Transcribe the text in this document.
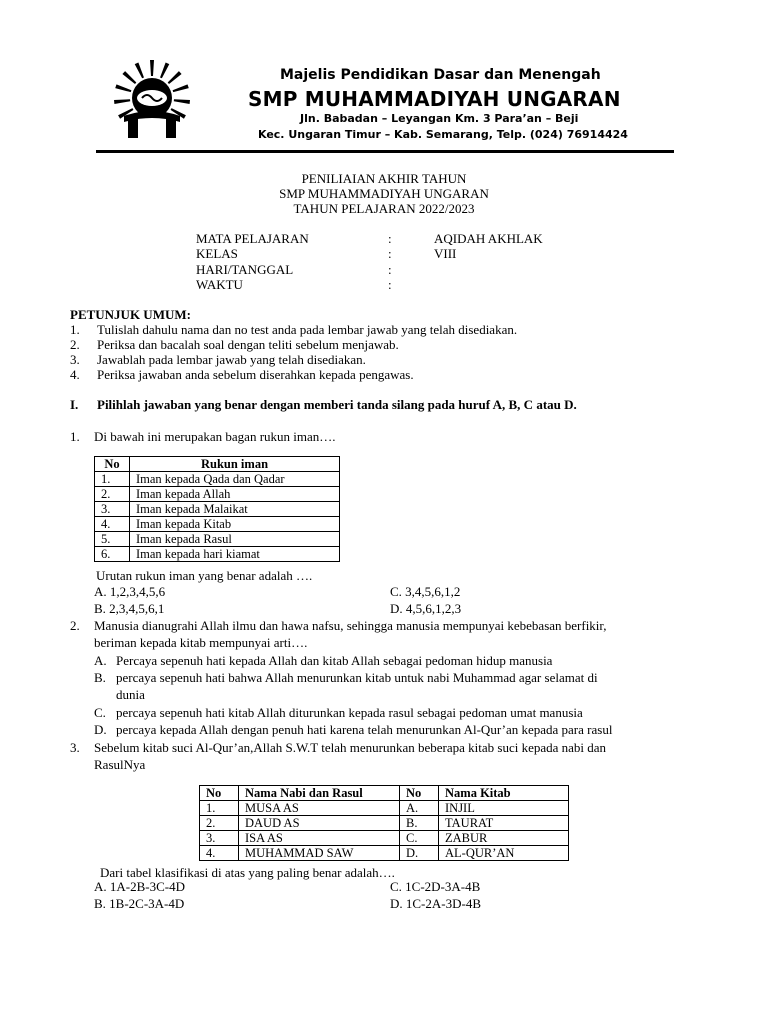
Majelis Pendidikan Dasar dan Menengah
SMP MUHAMMADIYAH UNGARAN
Jln. Babadan – Leyangan Km. 3 Para’an – Beji
Kec. Ungaran Timur – Kab. Semarang, Telp. (024) 76914424
PENILIAIAN AKHIR TAHUN
SMP MUHAMMADIYAH UNGARAN
TAHUN PELAJARAN 2022/2023
MATA PELAJARAN	:	AQIDAH AKHLAK
KELAS	:	VIII
HARI/TANGGAL	:
WAKTU	:
PETUNJUK UMUM:
1. Tulislah dahulu nama dan no test anda pada lembar jawab yang telah disediakan.
2. Periksa dan bacalah soal dengan teliti sebelum menjawab.
3. Jawablah pada lembar jawab yang telah disediakan.
4. Periksa jawaban anda sebelum diserahkan kepada pengawas.
I. Pilihlah jawaban yang benar dengan memberi tanda silang pada huruf A, B, C atau D.
1. Di bawah ini merupakan bagan rukun iman….
No	Rukun iman
1.	Iman kepada Qada dan Qadar
2.	Iman kepada Allah
3.	Iman kepada Malaikat
4.	Iman kepada Kitab
5.	Iman kepada Rasul
6.	Iman kepada hari kiamat
Urutan rukun iman yang benar adalah ….
A. 1,2,3,4,5,6	C. 3,4,5,6,1,2
B. 2,3,4,5,6,1	D. 4,5,6,1,2,3
2. Manusia dianugrahi Allah ilmu dan hawa nafsu, sehingga manusia mempunyai kebebasan berfikir,
beriman kepada kitab mempunyai arti….
A. Percaya sepenuh hati kepada Allah dan kitab Allah sebagai pedoman hidup manusia
B. percaya sepenuh hati bahwa Allah menurunkan kitab untuk nabi Muhammad agar selamat di
dunia
C. percaya sepenuh hati kitab Allah diturunkan kepada rasul sebagai pedoman umat manusia
D. percaya kepada Allah dengan penuh hati karena telah menurunkan Al-Qur’an kepada para rasul
3. Sebelum kitab suci Al-Qur’an,Allah S.W.T telah menurunkan beberapa kitab suci kepada nabi dan
RasulNya
No	Nama Nabi dan Rasul	No	Nama Kitab
1.	MUSA AS	A.	INJIL
2.	DAUD AS	B.	TAURAT
3.	ISA AS	C.	ZABUR
4.	MUHAMMAD SAW	D.	AL-QUR’AN
Dari tabel klasifikasi di atas yang paling benar adalah….
A. 1A-2B-3C-4D	C. 1C-2D-3A-4B
B. 1B-2C-3A-4D	D. 1C-2A-3D-4B
